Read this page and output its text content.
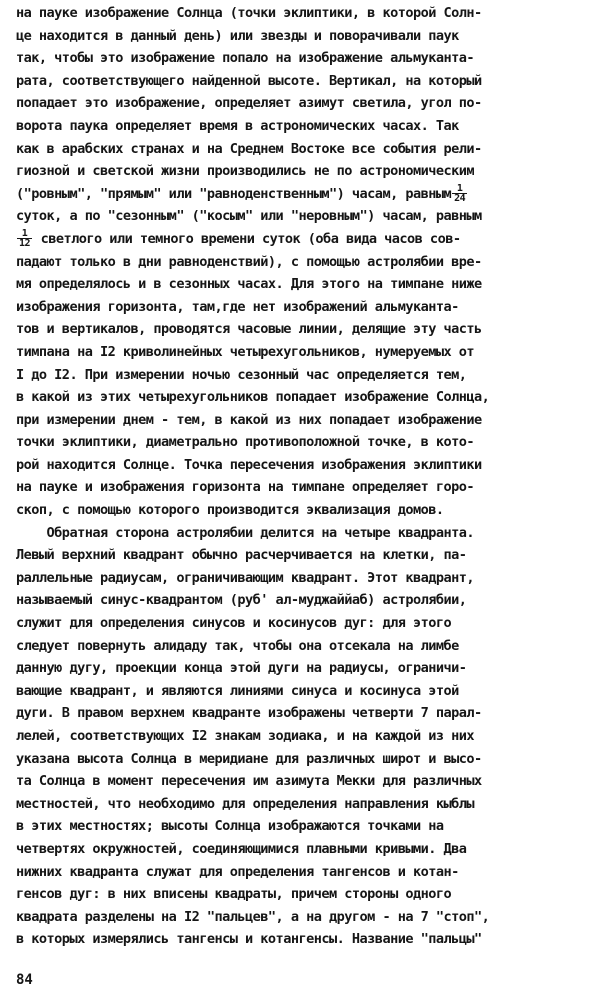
на пауке изображение Солнца (точки эклиптики, в которой Солн-
це находится в данный день) или звезды и поворачивали паук
так, чтобы это изображение попало на изображение альмуканта-
рата, соответствующего найденной высоте. Вертикал, на который
попадает это изображение, определяет азимут светила, угол по-
ворота паука определяет время в астрономических часах. Так
как в арабских странах и на Среднем Востоке все события рели-
гиозной и светской жизни производились не по астрономическим
("ровным", "прямым" или "равноденственным") часам, равным $\frac{1}{24}$
суток, а по "сезонным" ("косым" или "неровным") часам, равным
$\frac{1}{12}$ светлого или темного времени суток (оба вида часов сов-
падают только в дни равноденствий), с помощью астролябии вре-
мя определялось и в сезонных часах. Для этого на тимпане ниже
изображения горизонта, там,где нет изображений альмуканта-
тов и вертикалов, проводятся часовые линии, делящие эту часть
тимпана на I2 криволинейных четырехугольников, нумеруемых от
I до I2. При измерении ночью сезонный час определяется тем,
в какой из этих четырехугольников попадает изображение Солнца,
при измерении днем - тем, в какой из них попадает изображение
точки эклиптики, диаметрально противоположной точке, в кото-
рой находится Солнце. Точка пересечения изображения эклиптики
на пауке и изображения горизонта на тимпане определяет горо-
скоп, с помощью которого производится эквализация домов.
Обратная сторона астролябии делится на четыре квадранта.
Левый верхний квадрант обычно расчерчивается на клетки, па-
раллельные радиусам, ограничивающим квадрант. Этот квадрант,
называемый синус-квадрантом (руб' ал-муджаййаб) астролябии,
служит для определения синусов и косинусов дуг: для этого
следует повернуть алидаду так, чтобы она отсекала на лимбе
данную дугу, проекции конца этой дуги на радиусы, ограничи-
вающие квадрант, и являются линиями синуса и косинуса этой
дуги. В правом верхнем квадранте изображены четверти 7 парал-
лелей, соответствующих I2 знакам зодиака, и на каждой из них
указана высота Солнца в меридиане для различных широт и высо-
та Солнца в момент пересечения им азимута Мекки для различных
местностей, что необходимо для определения направления кыблы
в этих местностях; высоты Солнца изображаются точками на
четвертях окружностей, соединяющимися плавными кривыми. Два
нижних квадранта служат для определения тангенсов и котан-
генсов дуг: в них вписены квадраты, причем стороны одного
квадрата разделены на I2 "пальцев", а на другом - на 7 "стоп",
в которых измерялись тангенсы и котангенсы. Название "пальцы"
84
